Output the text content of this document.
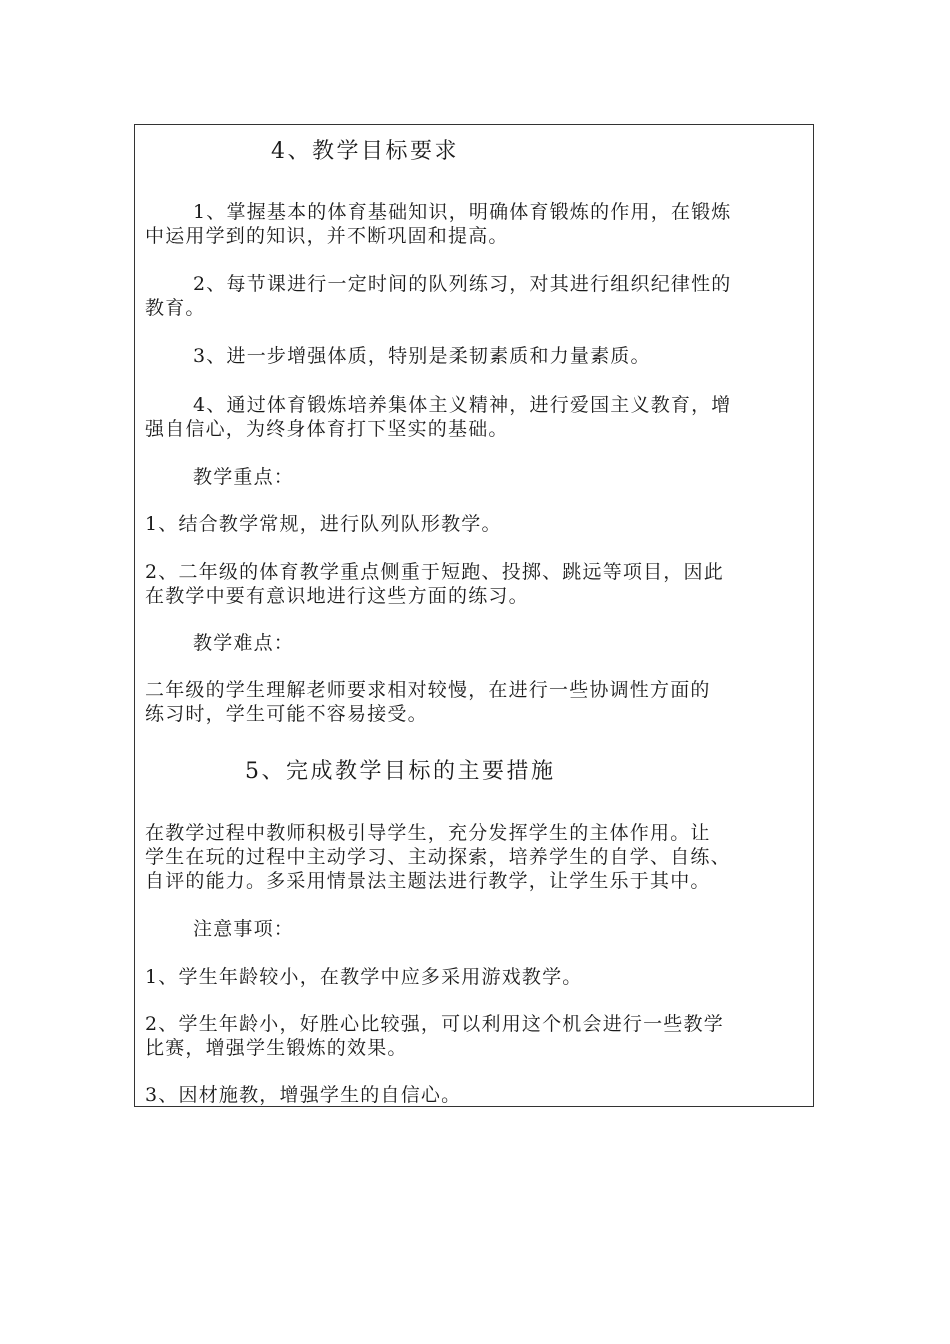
4、教学目标要求
1、掌握基本的体育基础知识，明确体育锻炼的作用，在锻炼
中运用学到的知识，并不断巩固和提高。
2、每节课进行一定时间的队列练习，对其进行组织纪律性的
教育。
3、进一步增强体质，特别是柔韧素质和力量素质。
4、通过体育锻炼培养集体主义精神，进行爱国主义教育，增
强自信心，为终身体育打下坚实的基础。
教学重点：
1、结合教学常规，进行队列队形教学。
2、二年级的体育教学重点侧重于短跑、投掷、跳远等项目，因此
在教学中要有意识地进行这些方面的练习。
教学难点：
二年级的学生理解老师要求相对较慢，在进行一些协调性方面的
练习时，学生可能不容易接受。
5、完成教学目标的主要措施
在教学过程中教师积极引导学生，充分发挥学生的主体作用。让
学生在玩的过程中主动学习、主动探索，培养学生的自学、自练、
自评的能力。多采用情景法主题法进行教学，让学生乐于其中。
注意事项：
1、学生年龄较小，在教学中应多采用游戏教学。
2、学生年龄小，好胜心比较强，可以利用这个机会进行一些教学
比赛，增强学生锻炼的效果。
3、因材施教，增强学生的自信心。
